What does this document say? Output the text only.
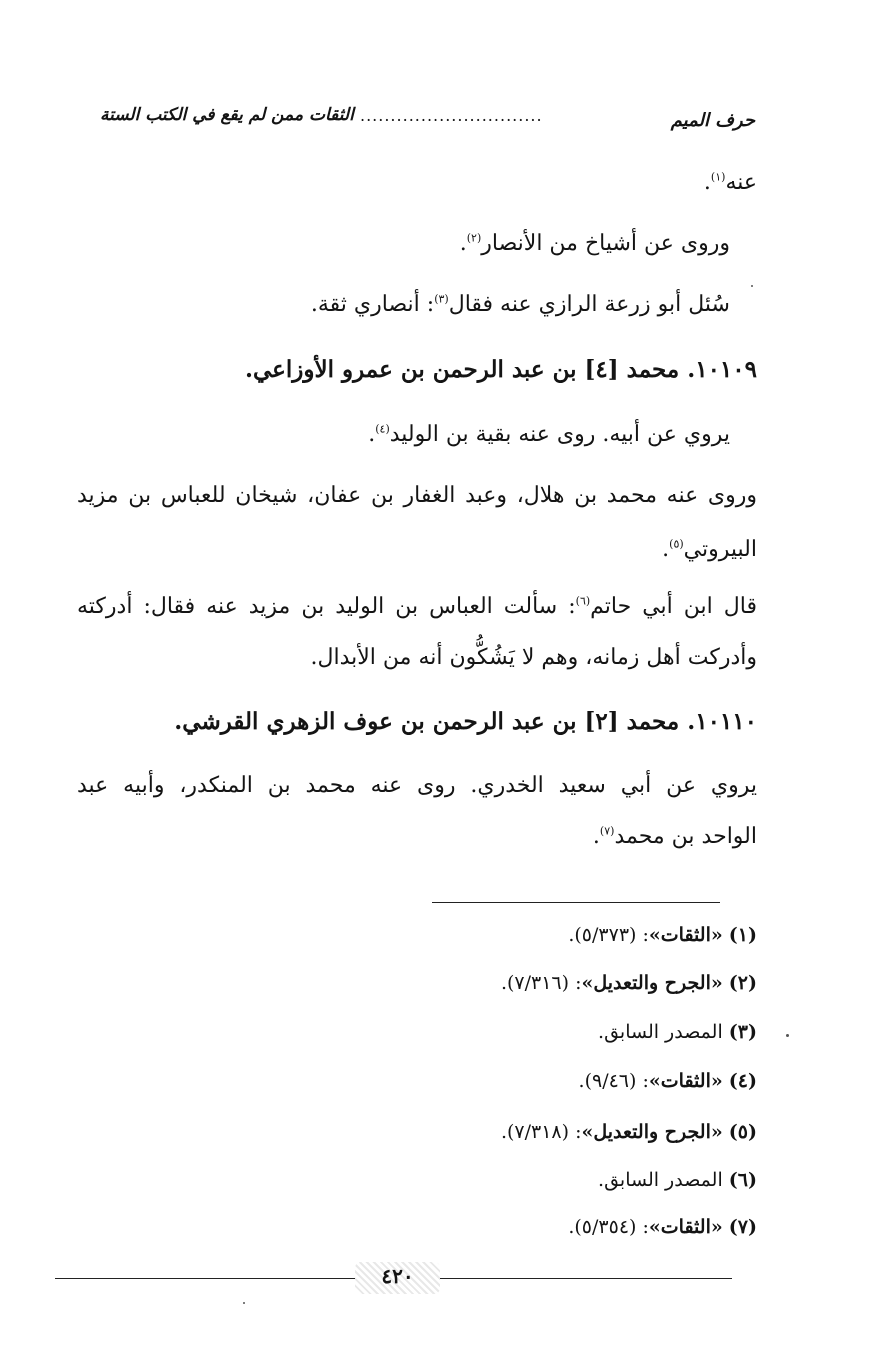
حرف الميم
..............................
الثقات ممن لم يقع في الكتب الستة
عنه$^{(١)}$.
وروى عن أشياخ من الأنصار$^{(٢)}$.
سُئل أبو زرعة الرازي عنه فقال$^{(٣)}$: أنصاري ثقة.
١٠١٠٩. محمد [٤] بن عبد الرحمن بن عمرو الأوزاعي.
يروي عن أبيه. روى عنه بقية بن الوليد$^{(٤)}$.
وروى عنه محمد بن هلال، وعبد الغفار بن عفان، شيخان للعباس بن مزيد
البيروتي$^{(٥)}$.
قال ابن أبي حاتم$^{(٦)}$: سألت العباس بن الوليد بن مزيد عنه فقال: أدركته
وأدركت أهل زمانه، وهم لا يَشُكُّون أنه من الأبدال.
١٠١١٠. محمد [٢] بن عبد الرحمن بن عوف الزهري القرشي.
يروي عن أبي سعيد الخدري. روى عنه محمد بن المنكدر، وأبيه عبد
الواحد بن محمد$^{(٧)}$.
(١) «الثقات»: (٥/٣٧٣).
(٢) «الجرح والتعديل»: (٧/٣١٦).
(٣) المصدر السابق.
(٤) «الثقات»: (٩/٤٦).
(٥) «الجرح والتعديل»: (٧/٣١٨).
(٦) المصدر السابق.
(٧) «الثقات»: (٥/٣٥٤).
٤٢٠
